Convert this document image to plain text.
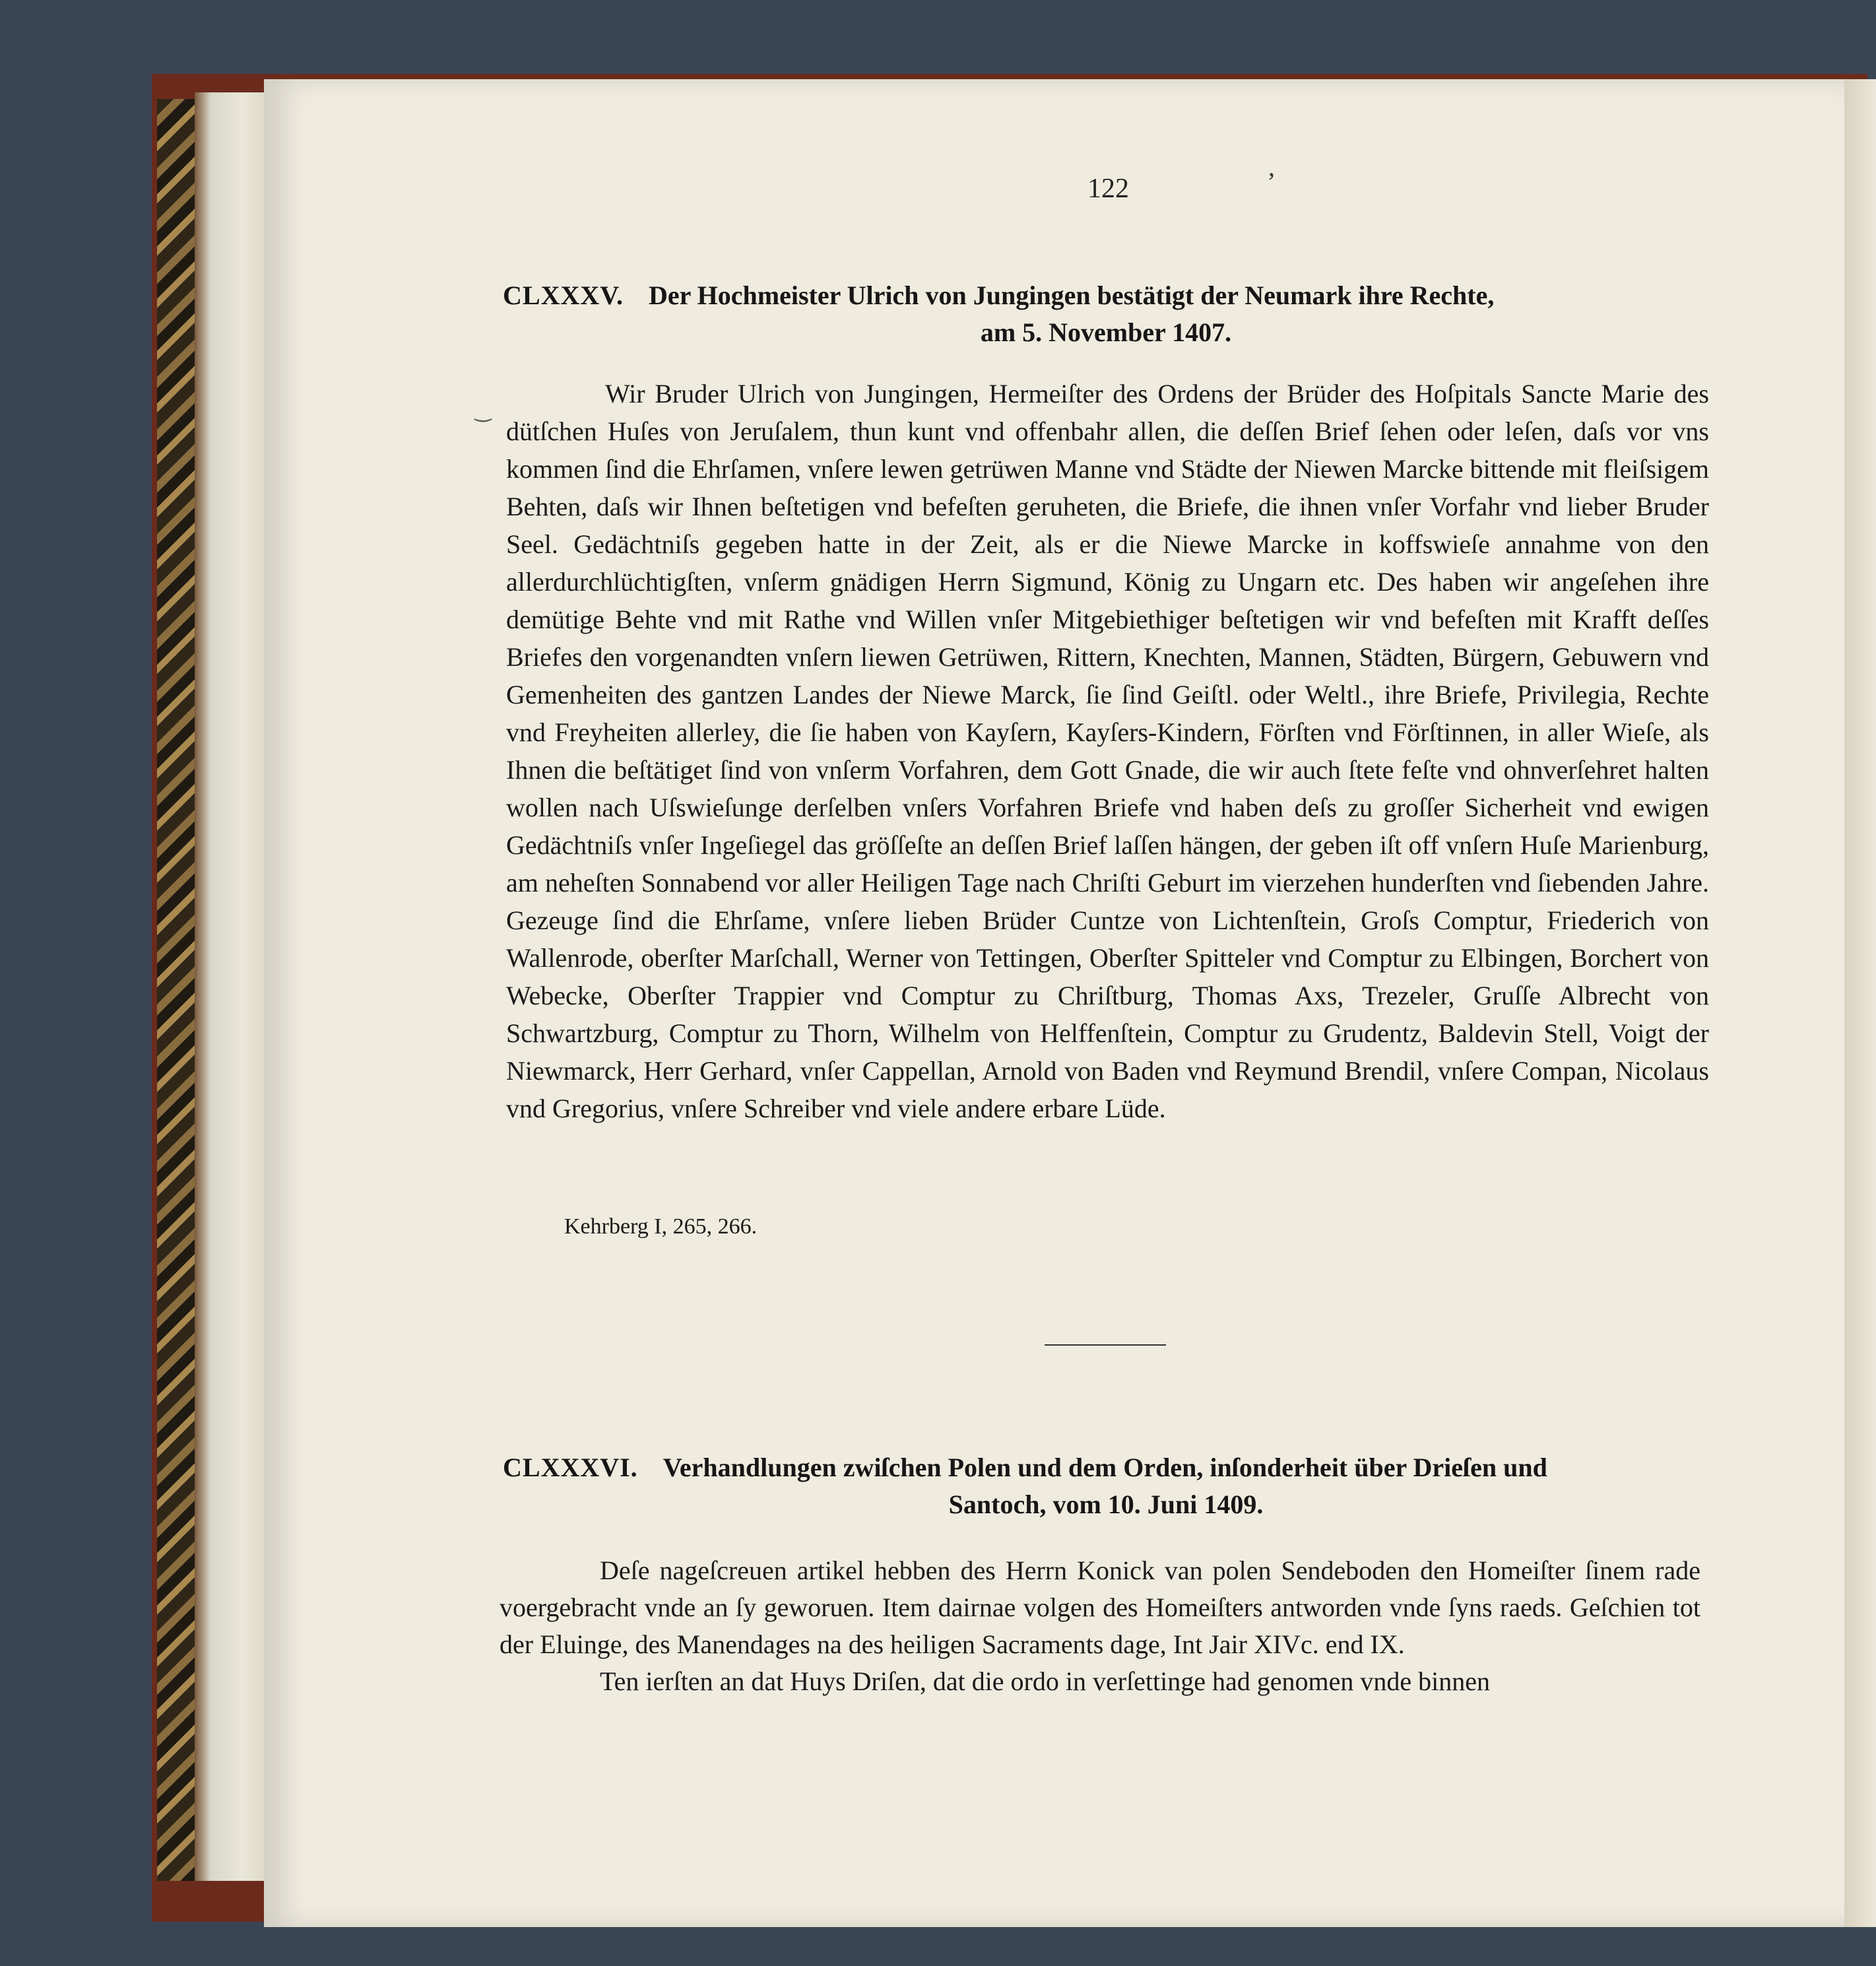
122	’
‿
CLXXXV. Der Hochmeister Ulrich von Jungingen bestätigt der Neumark ihre Rechte,
am 5. November 1407.

Wir Bruder Ulrich von Jungingen, Hermeiſter des Ordens der Brüder des Hoſpitals Sancte Marie des dütſchen Huſes von Jeruſalem, thun kunt vnd offenbahr allen, die deſſen Brief ſehen oder leſen, daſs vor vns kommen ſind die Ehrſamen, vnſere lewen getrüwen Manne vnd Städte der Niewen Marcke bittende mit fleiſsigem Behten, daſs wir Ihnen beſtetigen vnd befeſten geruheten, die Briefe, die ihnen vnſer Vorfahr vnd lieber Bruder Seel. Gedächtniſs gegeben hatte in der Zeit, als er die Niewe Marcke in koffswieſe annahme von den allerdurchlüchtigſten, vnſerm gnädigen Herrn Sigmund, König zu Ungarn etc. Des haben wir angeſehen ihre demütige Behte vnd mit Rathe vnd Willen vnſer Mitgebiethiger beſtetigen wir vnd befeſten mit Krafft deſſes Briefes den vorgenandten vnſern liewen Getrüwen, Rittern, Knechten, Mannen, Städten, Bürgern, Gebuwern vnd Gemenheiten des gantzen Landes der Niewe Marck, ſie ſind Geiſtl. oder Weltl., ihre Briefe, Privilegia, Rechte vnd Freyheiten allerley, die ſie haben von Kayſern, Kayſers-Kindern, Förſten vnd Förſtinnen, in aller Wieſe, als Ihnen die beſtätiget ſind von vnſerm Vorfahren, dem Gott Gnade, die wir auch ſtete feſte vnd ohnverſehret halten wollen nach Uſswieſunge derſelben vnſers Vorfahren Briefe vnd haben deſs zu groſſer Sicherheit vnd ewigen Gedächtniſs vnſer Ingeſiegel das gröſſeſte an deſſen Brief laſſen hängen, der geben iſt off vnſern Huſe Marienburg, am neheſten Sonnabend vor aller Heiligen Tage nach Chriſti Geburt im vierzehen hunderſten vnd ſiebenden Jahre. Gezeuge ſind die Ehrſame, vnſere lieben Brüder Cuntze von Lichtenſtein, Groſs Comptur, Friederich von Wallenrode, oberſter Marſchall, Werner von Tettingen, Oberſter Spitteler vnd Comptur zu Elbingen, Borchert von Webecke, Oberſter Trappier vnd Comptur zu Chriſtburg, Thomas Axs, Trezeler, Gruſſe Albrecht von Schwartzburg, Comptur zu Thorn, Wilhelm von Helffenſtein, Comptur zu Grudentz, Baldevin Stell, Voigt der Niewmarck, Herr Gerhard, vnſer Cappellan, Arnold von Baden vnd Reymund Brendil, vnſere Compan, Nicolaus vnd Gregorius, vnſere Schreiber vnd viele andere erbare Lüde.

Kehrberg I, 265, 266.
CLXXXVI. Verhandlungen zwiſchen Polen und dem Orden, inſonderheit über Drieſen und
Santoch, vom 10. Juni 1409.

Deſe nageſcreuen artikel hebben des Herrn Konick van polen Sendeboden den Homeiſter ſinem rade voergebracht vnde an ſy geworuen. Item dairnae volgen des Homeiſters antworden vnde ſyns raeds. Geſchien tot der Eluinge, des Manendages na des heiligen Sacraments dage, Int Jair XIVc. end IX.

Ten ierſten an dat Huys Driſen, dat die ordo in verſettinge had genomen vnde binnen
